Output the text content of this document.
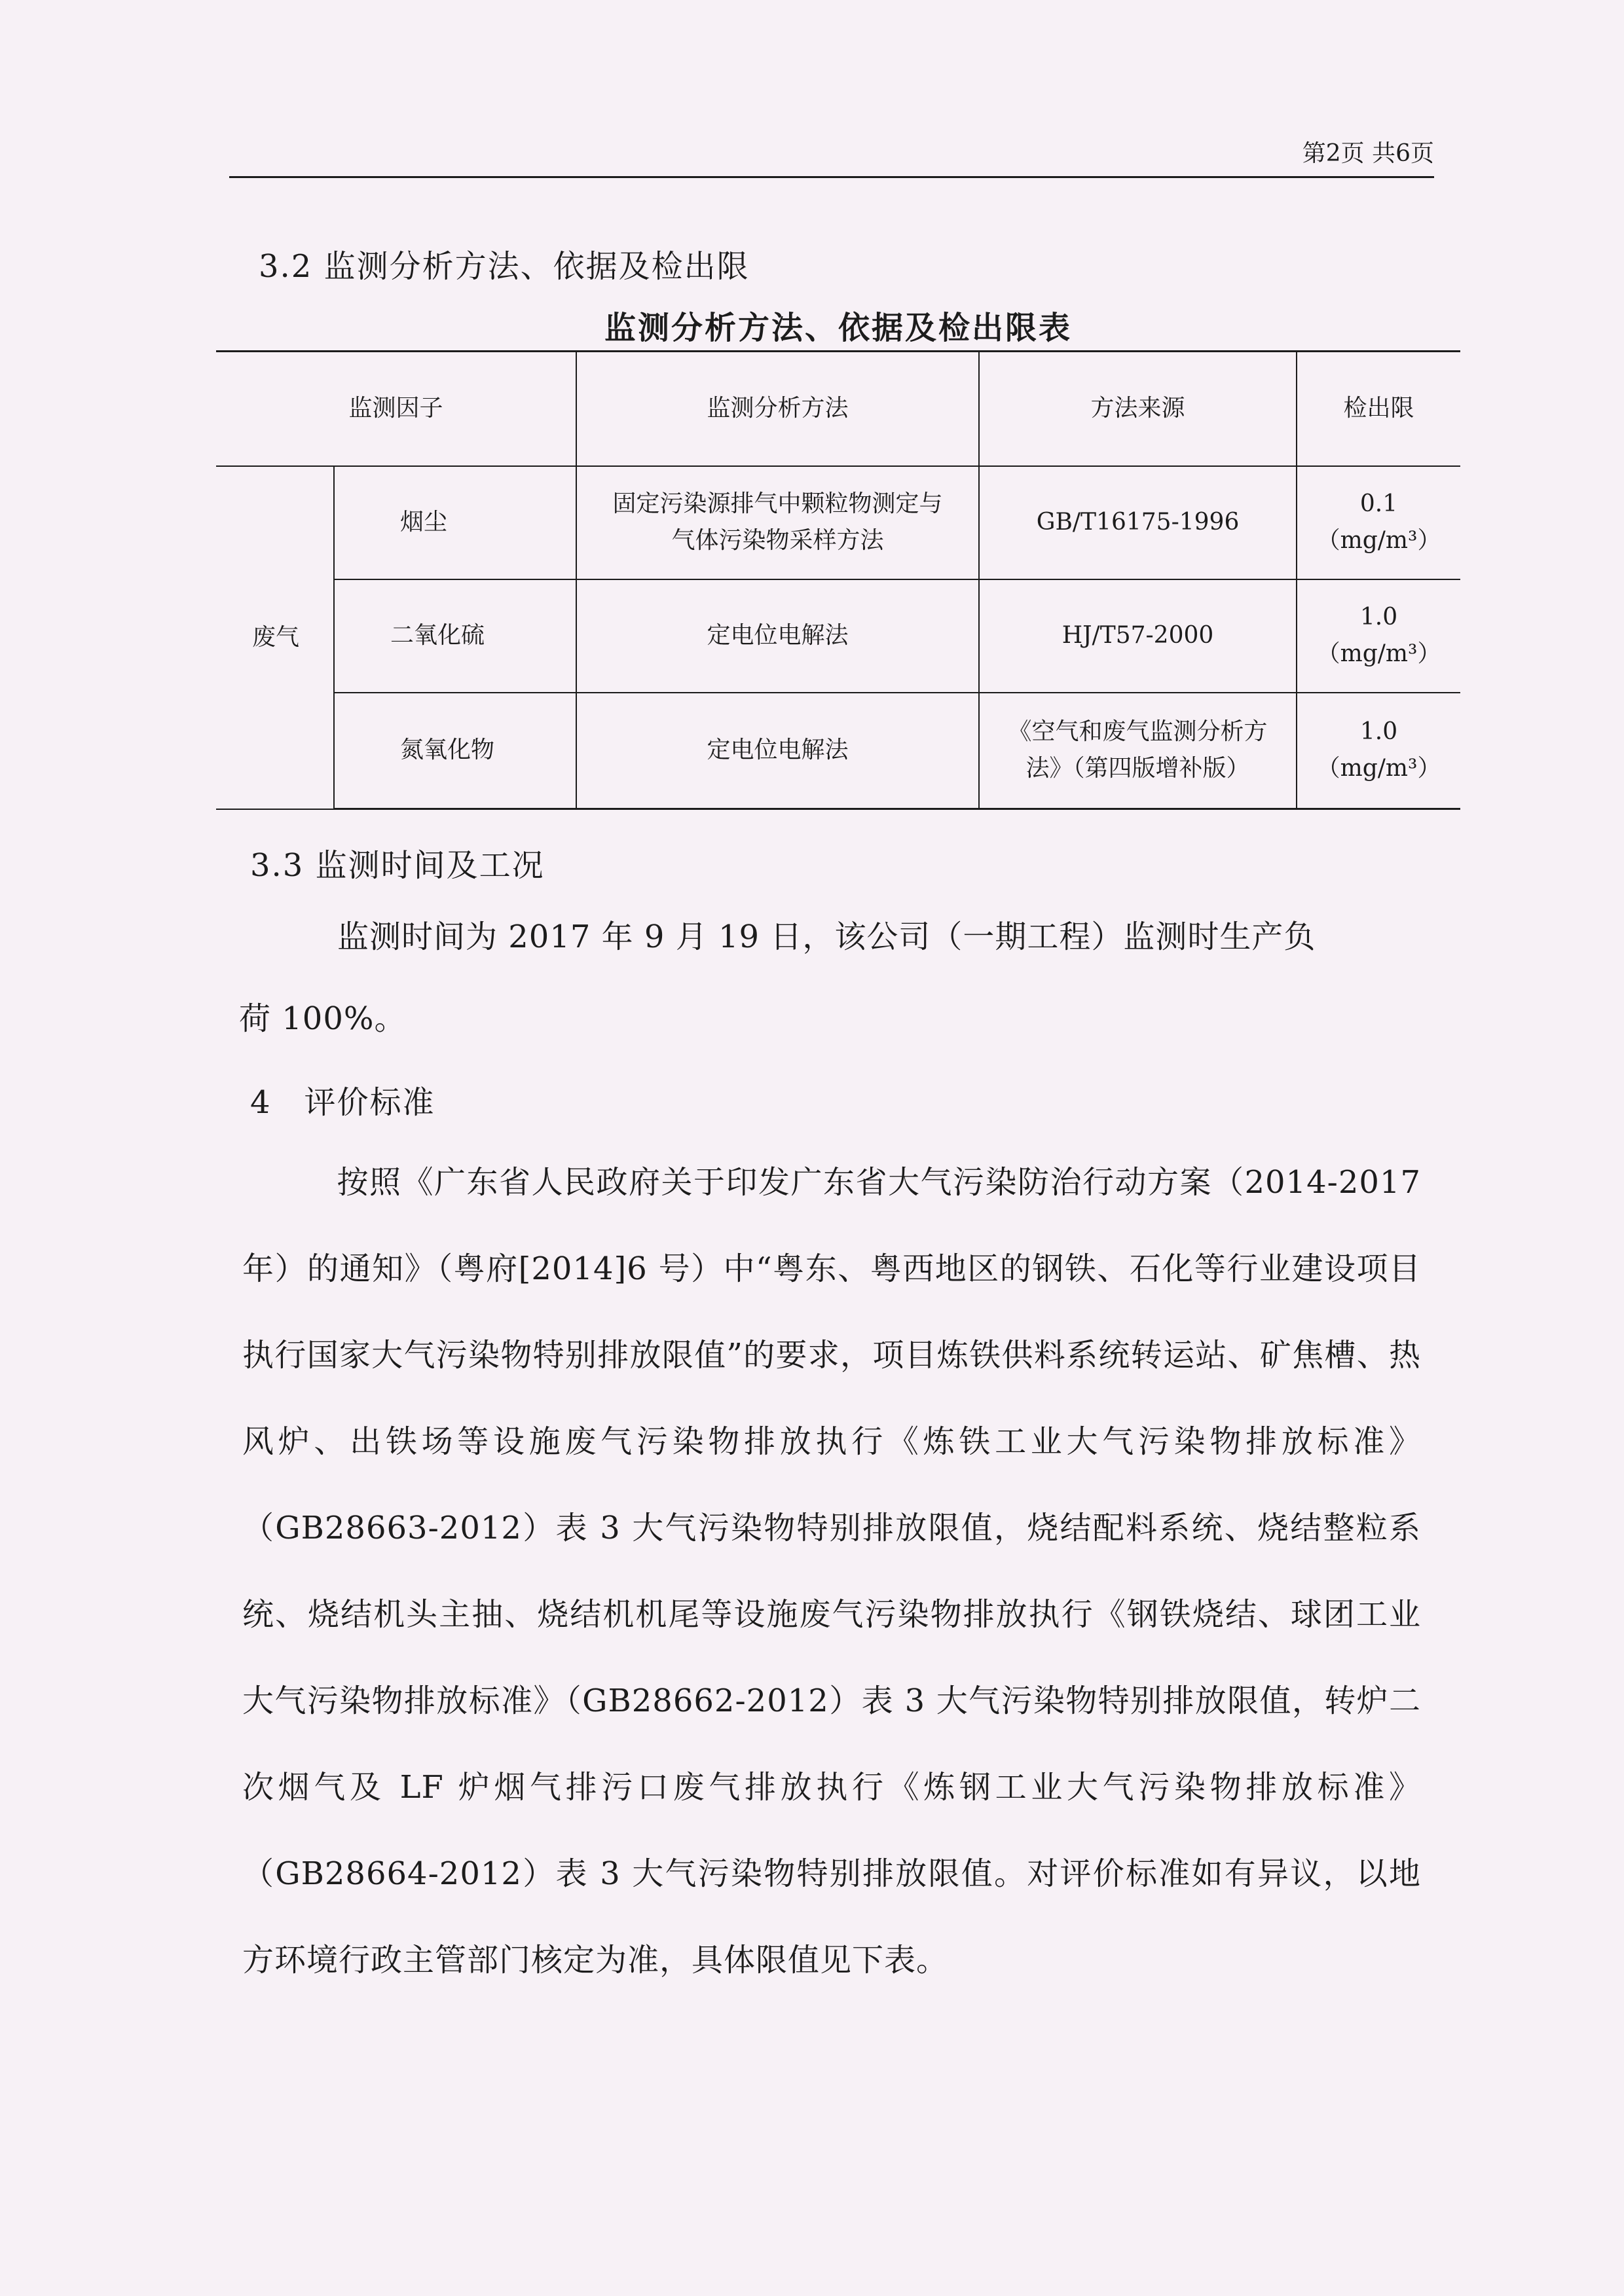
第2页 共6页
3.2 监测分析方法、依据及检出限
监测分析方法、依据及检出限表
监测因子		监测分析方法	方法来源	检出限
废气	烟尘	固定污染源排气中颗粒物测定与气体污染物采样方法	GB/T16175-1996	0.1（mg/m³）
	二氧化硫	定电位电解法	HJ/T57-2000	1.0（mg/m³）
	氮氧化物	定电位电解法	《空气和废气监测分析方法》（第四版增补版）	1.0（mg/m³）
3.3 监测时间及工况
监测时间为 2017 年 9 月 19 日，该公司（一期工程）监测时生产负
荷 100%。
4　评价标准
按照《广东省人民政府关于印发广东省大气污染防治行动方案（2014-2017 年）的通知》（粤府[2014]6 号）中“粤东、粤西地区的钢铁、石化等行业建设项目执行国家大气污染物特别排放限值”的要求，项目炼铁供料系统转运站、矿焦槽、热风炉、出铁场等设施废气污染物排放执行《炼铁工业大气污染物排放标准》（GB28663-2012）表 3 大气污染物特别排放限值，烧结配料系统、烧结整粒系统、烧结机头主抽、烧结机机尾等设施废气污染物排放执行《钢铁烧结、球团工业大气污染物排放标准》（GB28662-2012）表 3 大气污染物特别排放限值，转炉二次烟气及 LF 炉烟气排污口废气排放执行《炼钢工业大气污染物排放标准》（GB28664-2012）表 3 大气污染物特别排放限值。对评价标准如有异议，以地方环境行政主管部门核定为准，具体限值见下表。
